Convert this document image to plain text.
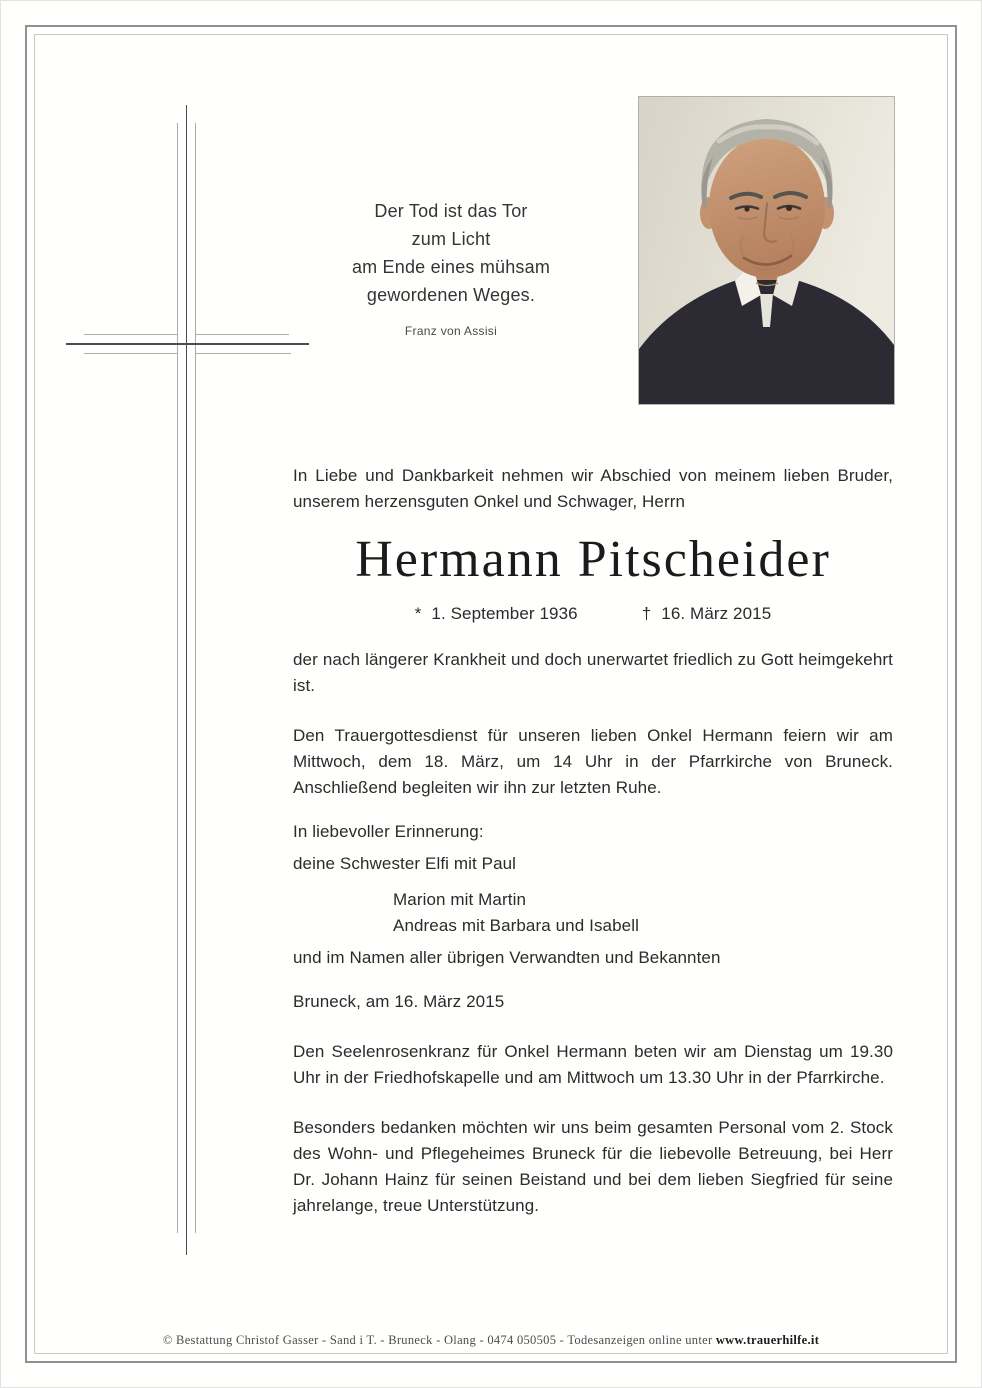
Der Tod ist das Tor
zum Licht
am Ende eines mühsam
gewordenen Weges.
Franz von Assisi
In Liebe und Dankbarkeit nehmen wir Abschied von meinem lieben Bruder, unserem herzensguten Onkel und Schwager, Herrn
Hermann Pitscheider
* 1. September 1936	† 16. März 2015
der nach längerer Krankheit und doch unerwartet friedlich zu Gott heimgekehrt ist.
Den Trauergottesdienst für unseren lieben Onkel Hermann feiern wir am Mittwoch, dem 18. März, um 14 Uhr in der Pfarrkirche von Bruneck. Anschließend begleiten wir ihn zur letzten Ruhe.
In liebevoller Erinnerung:
deine Schwester Elfi mit Paul
Marion mit Martin
Andreas mit Barbara und Isabell
und im Namen aller übrigen Verwandten und Bekannten
Bruneck, am 16. März 2015
Den Seelenrosenkranz für Onkel Hermann beten wir am Dienstag um 19.30 Uhr in der Friedhofskapelle und am Mittwoch um 13.30 Uhr in der Pfarrkirche.
Besonders bedanken möchten wir uns beim gesamten Personal vom 2. Stock des Wohn- und Pflegeheimes Bruneck für die liebevolle Betreuung, bei Herr Dr. Johann Hainz für seinen Beistand und bei dem lieben Siegfried für seine jahrelange, treue Unterstützung.
© Bestattung Christof Gasser - Sand i T. - Bruneck - Olang - 0474 050505 - Todesanzeigen online unter www.trauerhilfe.it
